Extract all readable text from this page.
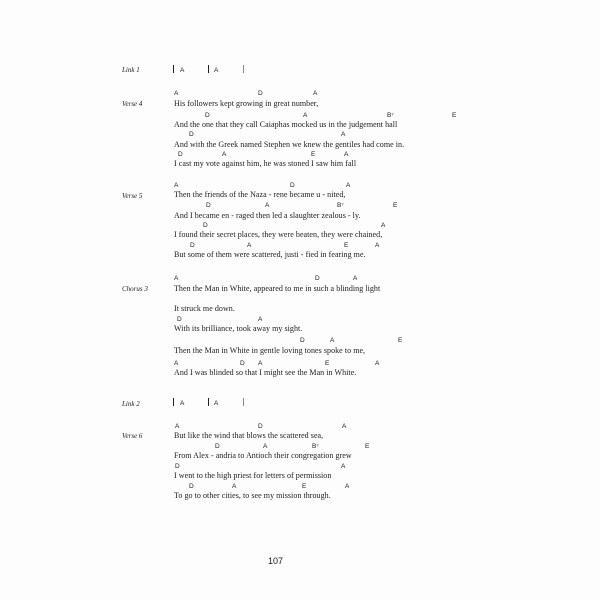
Link 1	A	A
Verse 4
A	D	A
His followers kept growing in great number,
D	A	B⁷	E
And the one that they call Caiaphas mocked us in the judgement hall
D	A
And with the Greek named Stephen we knew the gentiles had come in.
D	A	E	A
I cast my vote against him, he was stoned I saw him fall
Verse 5
A	D	A
Then the friends of the Naza - rene became u - nited,
D	A	B⁷	E
And I became en - raged then led a slaughter zealous - ly.
D	A
I found their secret places, they were beaten, they were chained,
D	A	E	A
But some of them were scattered, justi - fied in fearing me.
Chorus 3
A	D	A
Then the Man in White, appeared to me in such a blinding light
It struck me down.
D	A
With its brilliance, took away my sight.
D	A	E
Then the Man in White in gentle loving tones spoke to me,
A	D A	E	A
And I was blinded so that I might see the Man in White.
Link 2	A	A
Verse 6
A	D	A
But like the wind that blows the scattered sea,
D	A	B⁷	E
From Alex - andria to Antioch their congregation grew
D	A
I went to the high priest for letters of permission
D	A	E	A
To go to other cities, to see my mission through.
107
